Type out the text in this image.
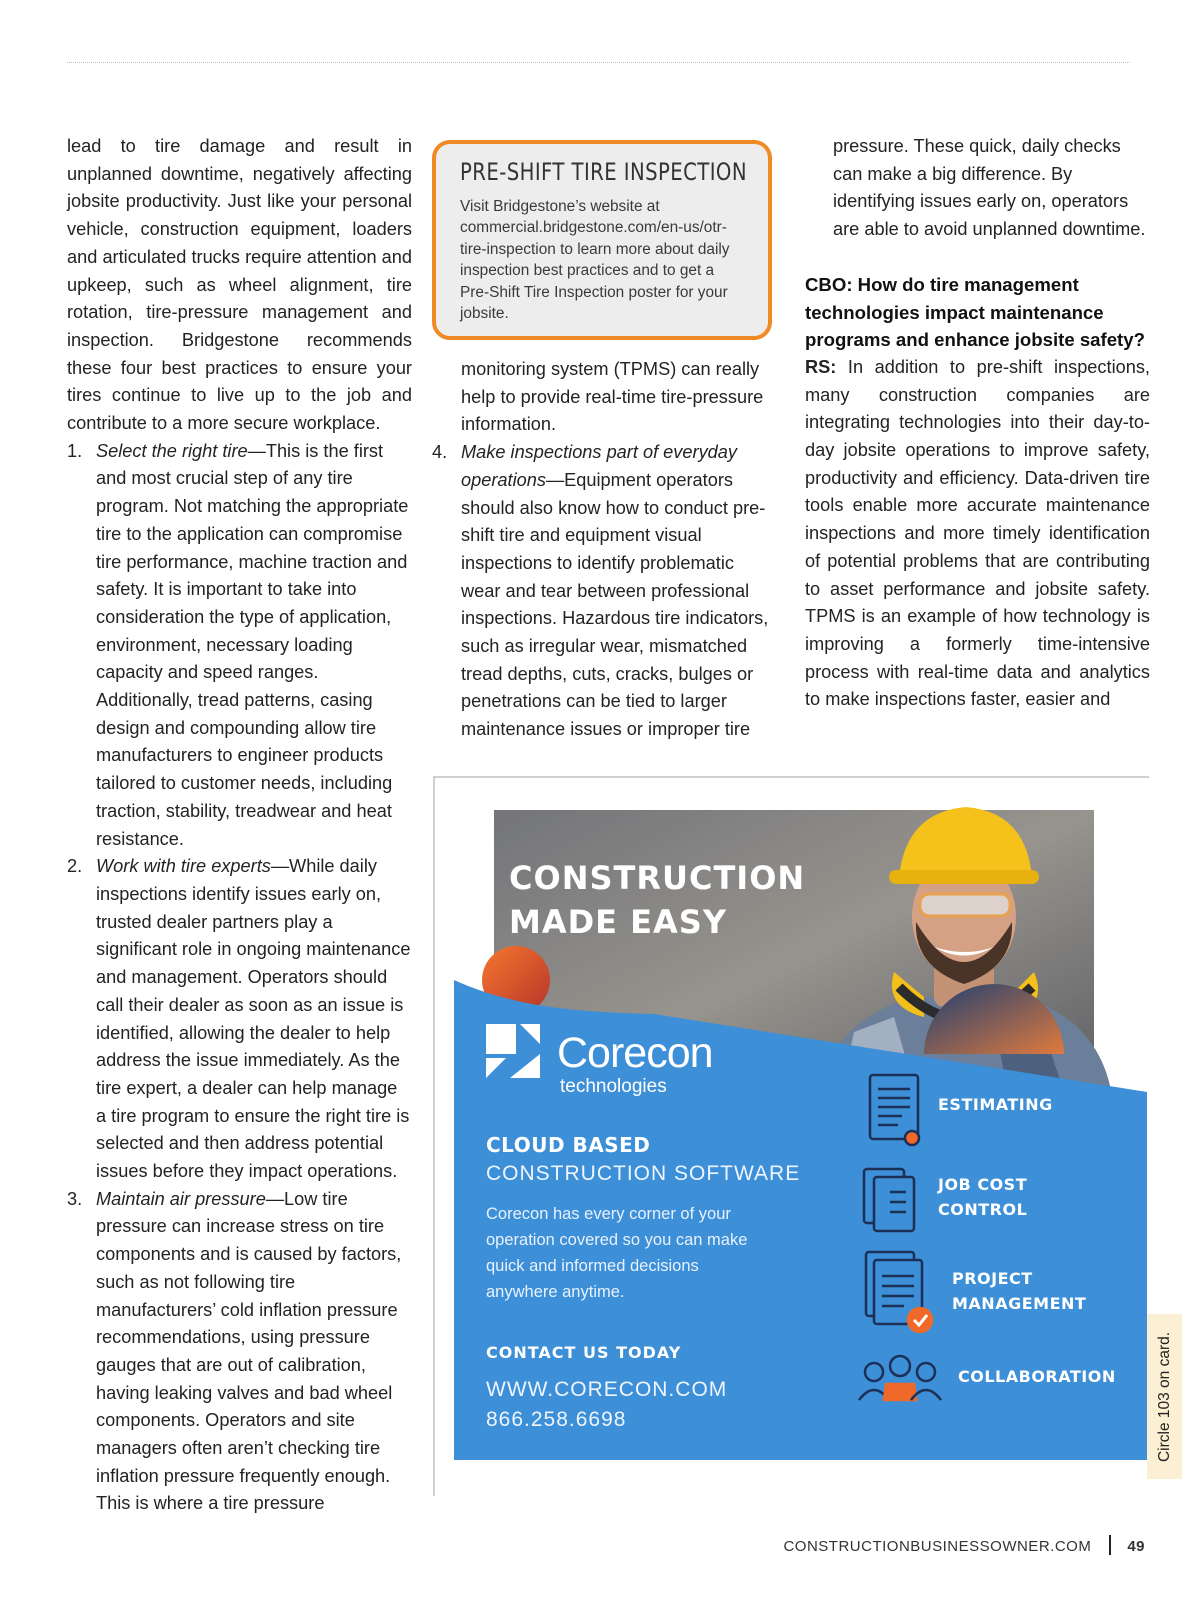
lead to tire damage and result in unplanned downtime, negatively affecting jobsite productivity. Just like your personal vehicle, construction equipment, loaders and articulated trucks require attention and upkeep, such as wheel alignment, tire rotation, tire-pressure management and inspection. Bridgestone recommends these four best practices to ensure your tires continue to live up to the job and contribute to a more secure workplace.

1. Select the right tire—This is the first and most crucial step of any tire program. Not matching the appropriate tire to the application can compromise tire performance, machine traction and safety. It is important to take into consideration the type of application, environment, necessary loading capacity and speed ranges. Additionally, tread patterns, casing design and compounding allow tire manufacturers to engineer products tailored to customer needs, including traction, stability, treadwear and heat resistance.
2. Work with tire experts—While daily inspections identify issues early on, trusted dealer partners play a significant role in ongoing maintenance and management. Operators should call their dealer as soon as an issue is identified, allowing the dealer to help address the issue immediately. As the tire expert, a dealer can help manage a tire program to ensure the right tire is selected and then address potential issues before they impact operations.
3. Maintain air pressure—Low tire pressure can increase stress on tire components and is caused by factors, such as not following tire manufacturers’ cold inflation pressure recommendations, using pressure gauges that are out of calibration, having leaking valves and bad wheel components. Operators and site managers often aren’t checking tire inflation pressure frequently enough. This is where a tire pressure
PRE-SHIFT TIRE INSPECTION

Visit Bridgestone’s website at commercial.bridgestone.com/en-us/otr-tire-inspection to learn more about daily inspection best practices and to get a Pre-Shift Tire Inspection poster for your jobsite.

monitoring system (TPMS) can really help to provide real-time tire-pressure information.

4. Make inspections part of everyday operations—Equipment operators should also know how to conduct pre-shift tire and equipment visual inspections to identify problematic wear and tear between professional inspections. Hazardous tire indicators, such as irregular wear, mismatched tread depths, cuts, cracks, bulges or penetrations can be tied to larger maintenance issues or improper tire

pressure. These quick, daily checks can make a big difference. By identifying issues early on, operators are able to avoid unplanned downtime.

CBO: How do tire management technologies impact maintenance programs and enhance jobsite safety?

RS: In addition to pre-shift inspections, many construction companies are integrating technologies into their day-to-day jobsite operations to improve safety, productivity and efficiency. Data-driven tire tools enable more accurate maintenance inspections and more timely identification of potential problems that are contributing to asset performance and jobsite safety. TPMS is an example of how technology is improving a formerly time-intensive process with real-time data and analytics to make inspections faster, easier and

CONSTRUCTION
MADE EASY
Corecon
technologies
CLOUD BASED
CONSTRUCTION SOFTWARE
Corecon has every corner of your operation covered so you can make quick and informed decisions anywhere anytime.
CONTACT US TODAY
WWW.CORECON.COM
866.258.6698
ESTIMATING
JOB COST
CONTROL
PROJECT
MANAGEMENT
COLLABORATION	Circle 103 on card.
CONSTRUCTIONBUSINESSOWNER.COM 49
